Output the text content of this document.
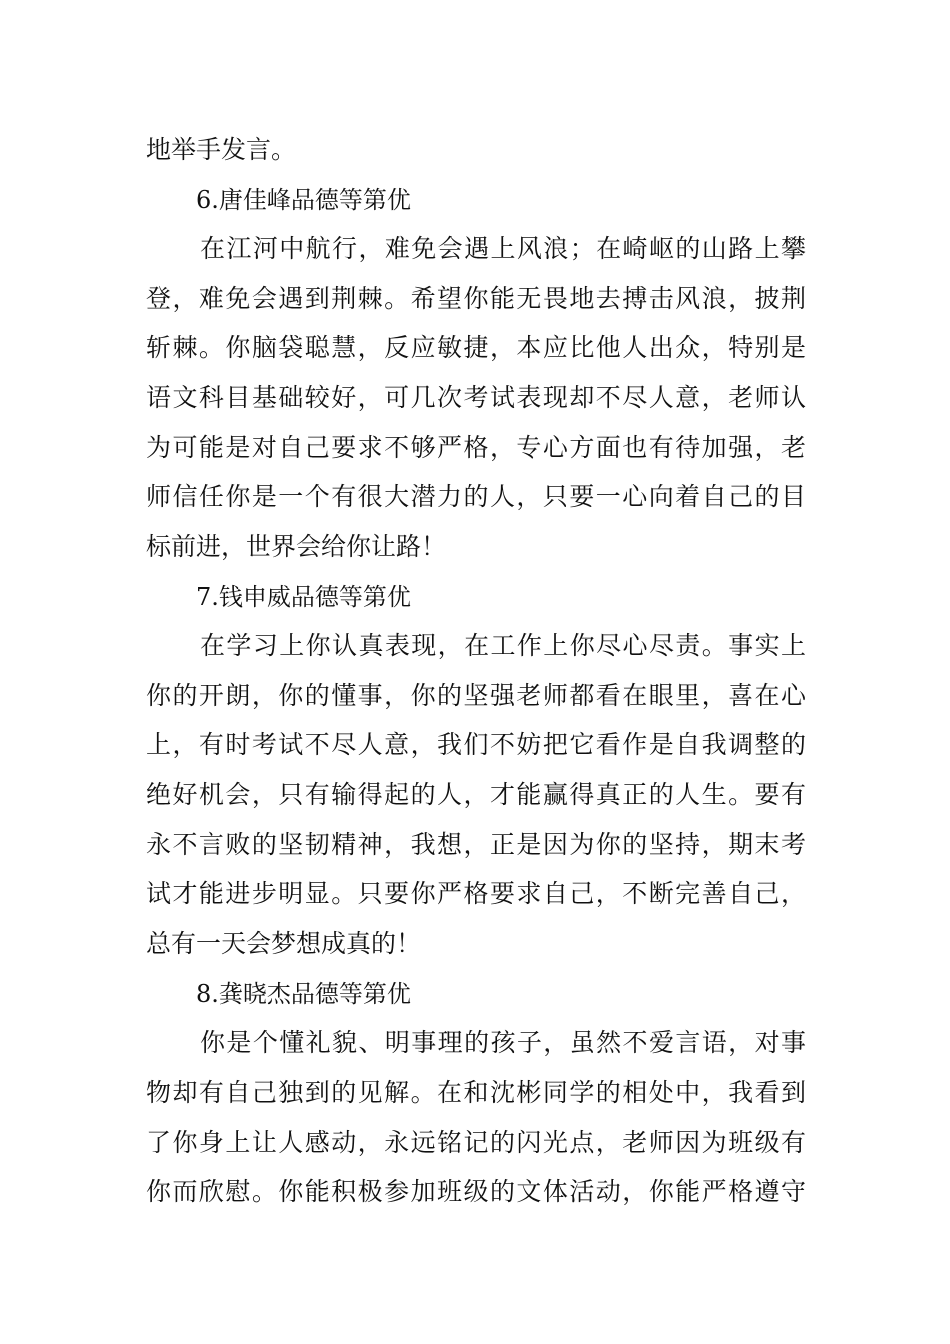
地举手发言。
6.唐佳峰品德等第优
在江河中航行，难免会遇上风浪；在崎岖的山路上攀
登，难免会遇到荆棘。希望你能无畏地去搏击风浪，披荆
斩棘。你脑袋聪慧，反应敏捷，本应比他人出众，特别是
语文科目基础较好，可几次考试表现却不尽人意，老师认
为可能是对自己要求不够严格，专心方面也有待加强，老
师信任你是一个有很大潜力的人，只要一心向着自己的目
标前进，世界会给你让路！
7.钱申威品德等第优
在学习上你认真表现，在工作上你尽心尽责。事实上
你的开朗，你的懂事，你的坚强老师都看在眼里，喜在心
上，有时考试不尽人意，我们不妨把它看作是自我调整的
绝好机会，只有输得起的人，才能赢得真正的人生。要有
永不言败的坚韧精神，我想，正是因为你的坚持，期末考
试才能进步明显。只要你严格要求自己，不断完善自己，
总有一天会梦想成真的！
8.龚晓杰品德等第优
你是个懂礼貌、明事理的孩子，虽然不爱言语，对事
物却有自己独到的见解。在和沈彬同学的相处中，我看到
了你身上让人感动，永远铭记的闪光点，老师因为班级有
你而欣慰。你能积极参加班级的文体活动，你能严格遵守
